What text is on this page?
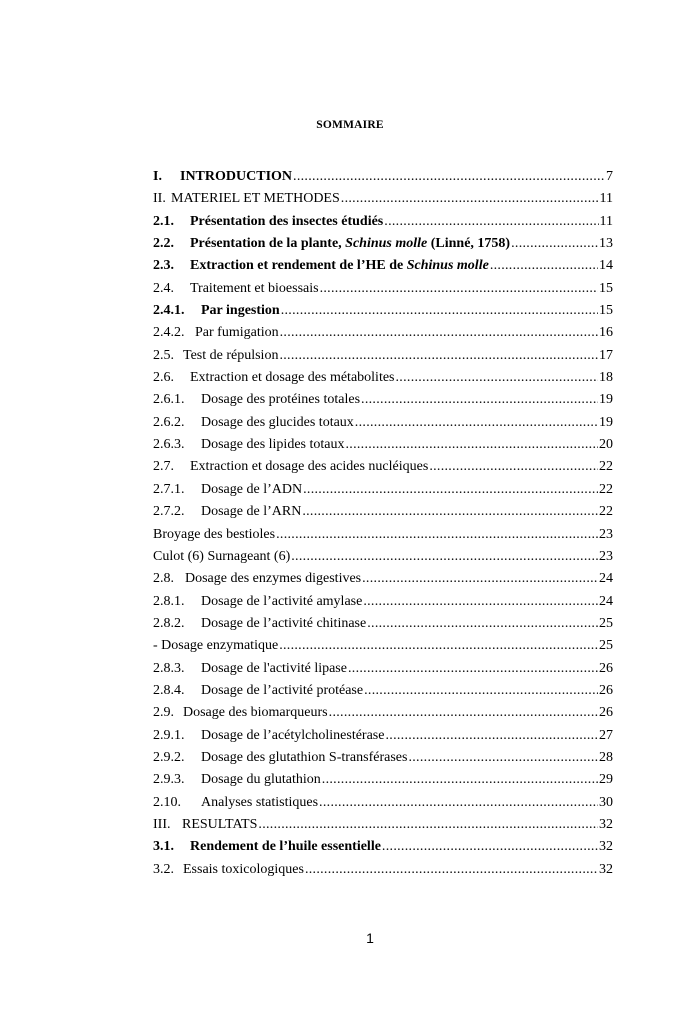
SOMMAIRE
I.	INTRODUCTION .....	7
II. MATERIEL ET METHODES .....	11
2.1.	Présentation des insectes étudiés .....	11
2.2.	Présentation de la plante, Schinus molle (Linné, 1758) .....	13
2.3.	Extraction et rendement de l’HE de Schinus molle .....	14
2.4.	Traitement et bioessais .....	15
2.4.1.	Par ingestion .....	15
2.4.2. Par fumigation .....	16
2.5. Test de répulsion .....	17
2.6.	Extraction et dosage des métabolites .....	18
2.6.1.	Dosage des protéines totales .....	19
2.6.2.	Dosage des glucides totaux .....	19
2.6.3.	Dosage des lipides totaux .....	20
2.7.	Extraction et dosage des acides nucléiques .....	22
2.7.1.	Dosage de l’ADN .....	22
2.7.2.	Dosage de l’ARN .....	22
Broyage des bestioles .....	23
Culot (6) Surnageant (6) .....	23
2.8. Dosage des enzymes digestives .....	24
2.8.1.	Dosage de l’activité amylase .....	24
2.8.2.	Dosage de l’activité chitinase .....	25
- Dosage enzymatique .....	25
2.8.3.	Dosage de l'activité lipase .....	26
2.8.4.	Dosage de l’activité protéase .....	26
2.9. Dosage des biomarqueurs .....	26
2.9.1.	Dosage de l’acétylcholinestérase .....	27
2.9.2.	Dosage des glutathion S-transférases .....	28
2.9.3.	Dosage du glutathion .....	29
2.10.	Analyses statistiques .....	30
III. RESULTATS .....	32
3.1.	Rendement de l’huile essentielle .....	32
3.2. Essais toxicologiques .....	32
1
